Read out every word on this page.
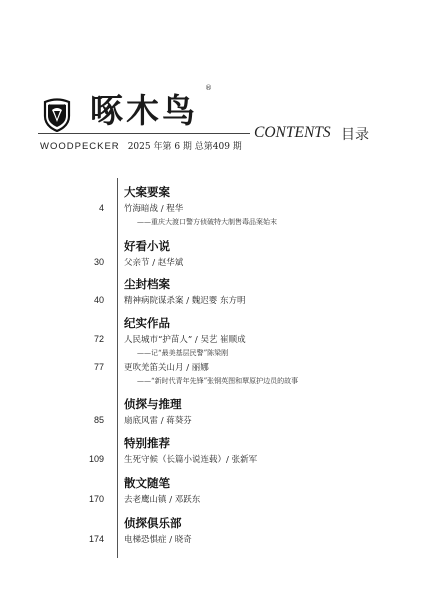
啄木鸟
®
CONTENTS 目录
WOODPECKER 2025 年第 6 期 总第409 期
大案要案
4 竹海暗战 / 程华
——重庆大渡口警方侦破特大制售毒品案始末
好看小说
30 父亲节 / 赵华斌
尘封档案
40 精神病院谋杀案 / 魏迟婴 东方明
纪实作品
72 人民城市“护苗人” / 吴艺 崔顺成
——记“最美基层民警”陈梁刚
77 更吹羌笛关山月 / 丽娜
——“新时代青年先锋”张钢英图和覃原护边员的故事
侦探与推理
85 扇底风雷 / 蒋葵芬
特别推荐
109 生死守候（长篇小说连载）/ 张新军
散文随笔
170 去老鹰山镇 / 邓跃东
侦探俱乐部
174 电梯恐惧症 / 晓奇
